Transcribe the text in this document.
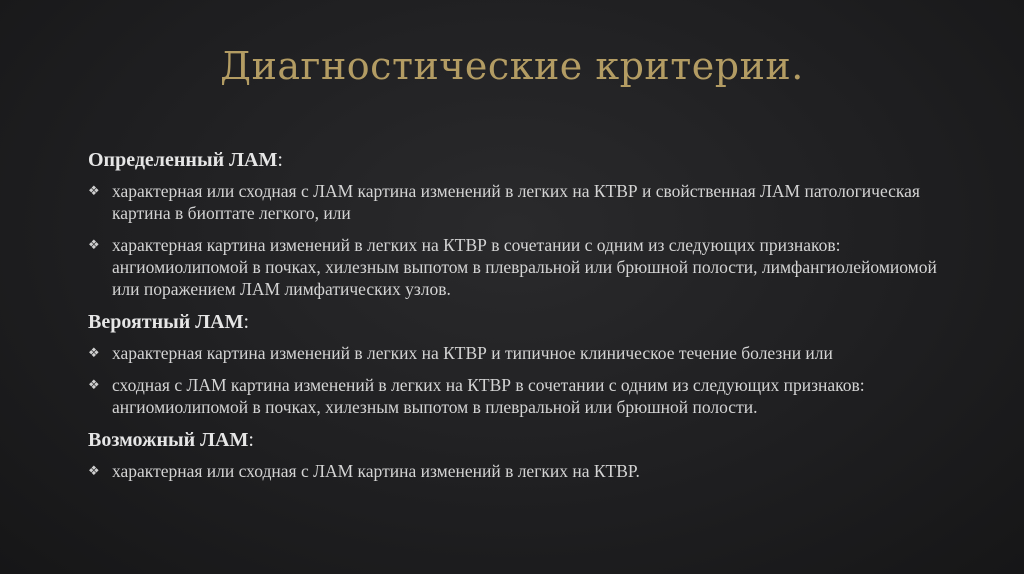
Диагностические критерии.
Определенный ЛАМ:
❖ характерная или сходная с ЛАМ картина изменений в легких на КТВР и свойственная ЛАМ патологическая картина в биоптате легкого, или
❖ характерная картина изменений в легких на КТВР в сочетании с одним из следующих признаков: ангиомиолипомой в почках, хилезным выпотом в плевральной или брюшной полости, лимфангиолейомиомой или поражением ЛАМ лимфатических узлов.
Вероятный ЛАМ:
❖ характерная картина изменений в легких на КТВР и типичное клиническое течение болезни или
❖ сходная с ЛАМ картина изменений в легких на КТВР в сочетании с одним из следующих признаков: ангиомиолипомой в почках, хилезным выпотом в плевральной или брюшной полости.
Возможный ЛАМ:
❖ характерная или сходная с ЛАМ картина изменений в легких на КТВР.
